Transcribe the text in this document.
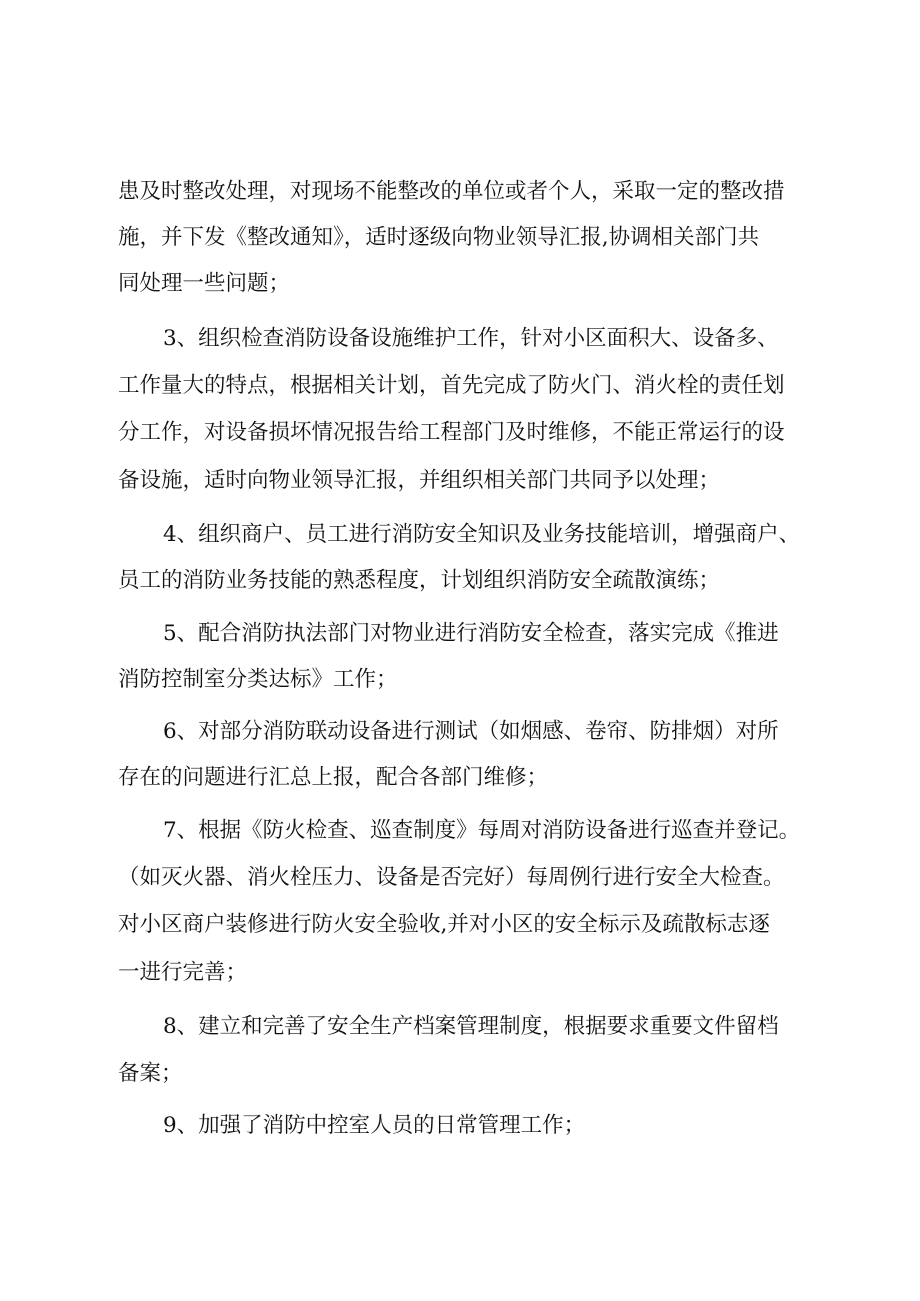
患及时整改处理，对现场不能整改的单位或者个人，采取一定的整改措
施，并下发《整改通知》，适时逐级向物业领导汇报,协调相关部门共
同处理一些问题；
3、组织检查消防设备设施维护工作，针对小区面积大、设备多、
工作量大的特点，根据相关计划，首先完成了防火门、消火栓的责任划
分工作，对设备损坏情况报告给工程部门及时维修，不能正常运行的设
备设施，适时向物业领导汇报，并组织相关部门共同予以处理；
4、组织商户、员工进行消防安全知识及业务技能培训，增强商户、
员工的消防业务技能的熟悉程度，计划组织消防安全疏散演练；
5、配合消防执法部门对物业进行消防安全检查，落实完成《推进
消防控制室分类达标》工作；
6、对部分消防联动设备进行测试（如烟感、卷帘、防排烟）对所
存在的问题进行汇总上报，配合各部门维修；
7、根据《防火检查、巡查制度》每周对消防设备进行巡查并登记。
（如灭火器、消火栓压力、设备是否完好）每周例行进行安全大检查。
对小区商户装修进行防火安全验收,并对小区的安全标示及疏散标志逐
一进行完善；
8、建立和完善了安全生产档案管理制度，根据要求重要文件留档
备案；
9、加强了消防中控室人员的日常管理工作；
